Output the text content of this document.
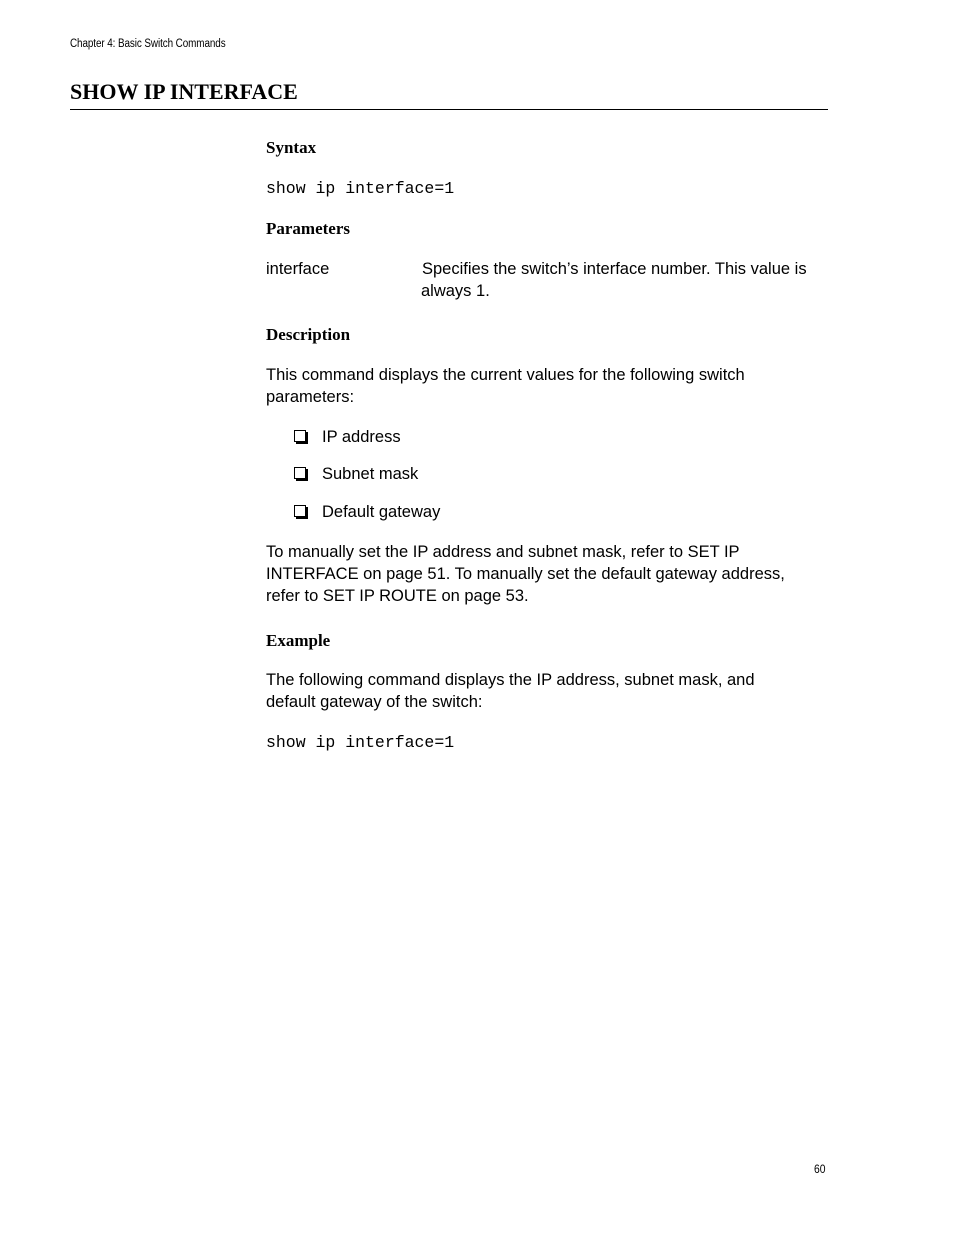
Chapter 4: Basic Switch Commands
SHOW IP INTERFACE
Syntax
show ip interface=1
Parameters
interface	Specifies the switch’s interface number. This value is always 1.
Description

This command displays the current values for the following switch parameters:

IP address
Subnet mask
Default gateway

To manually set the IP address and subnet mask, refer to SET IP INTERFACE on page 51. To manually set the default gateway address, refer to SET IP ROUTE on page 53.

Example

The following command displays the IP address, subnet mask, and default gateway of the switch:

show ip interface=1
60
